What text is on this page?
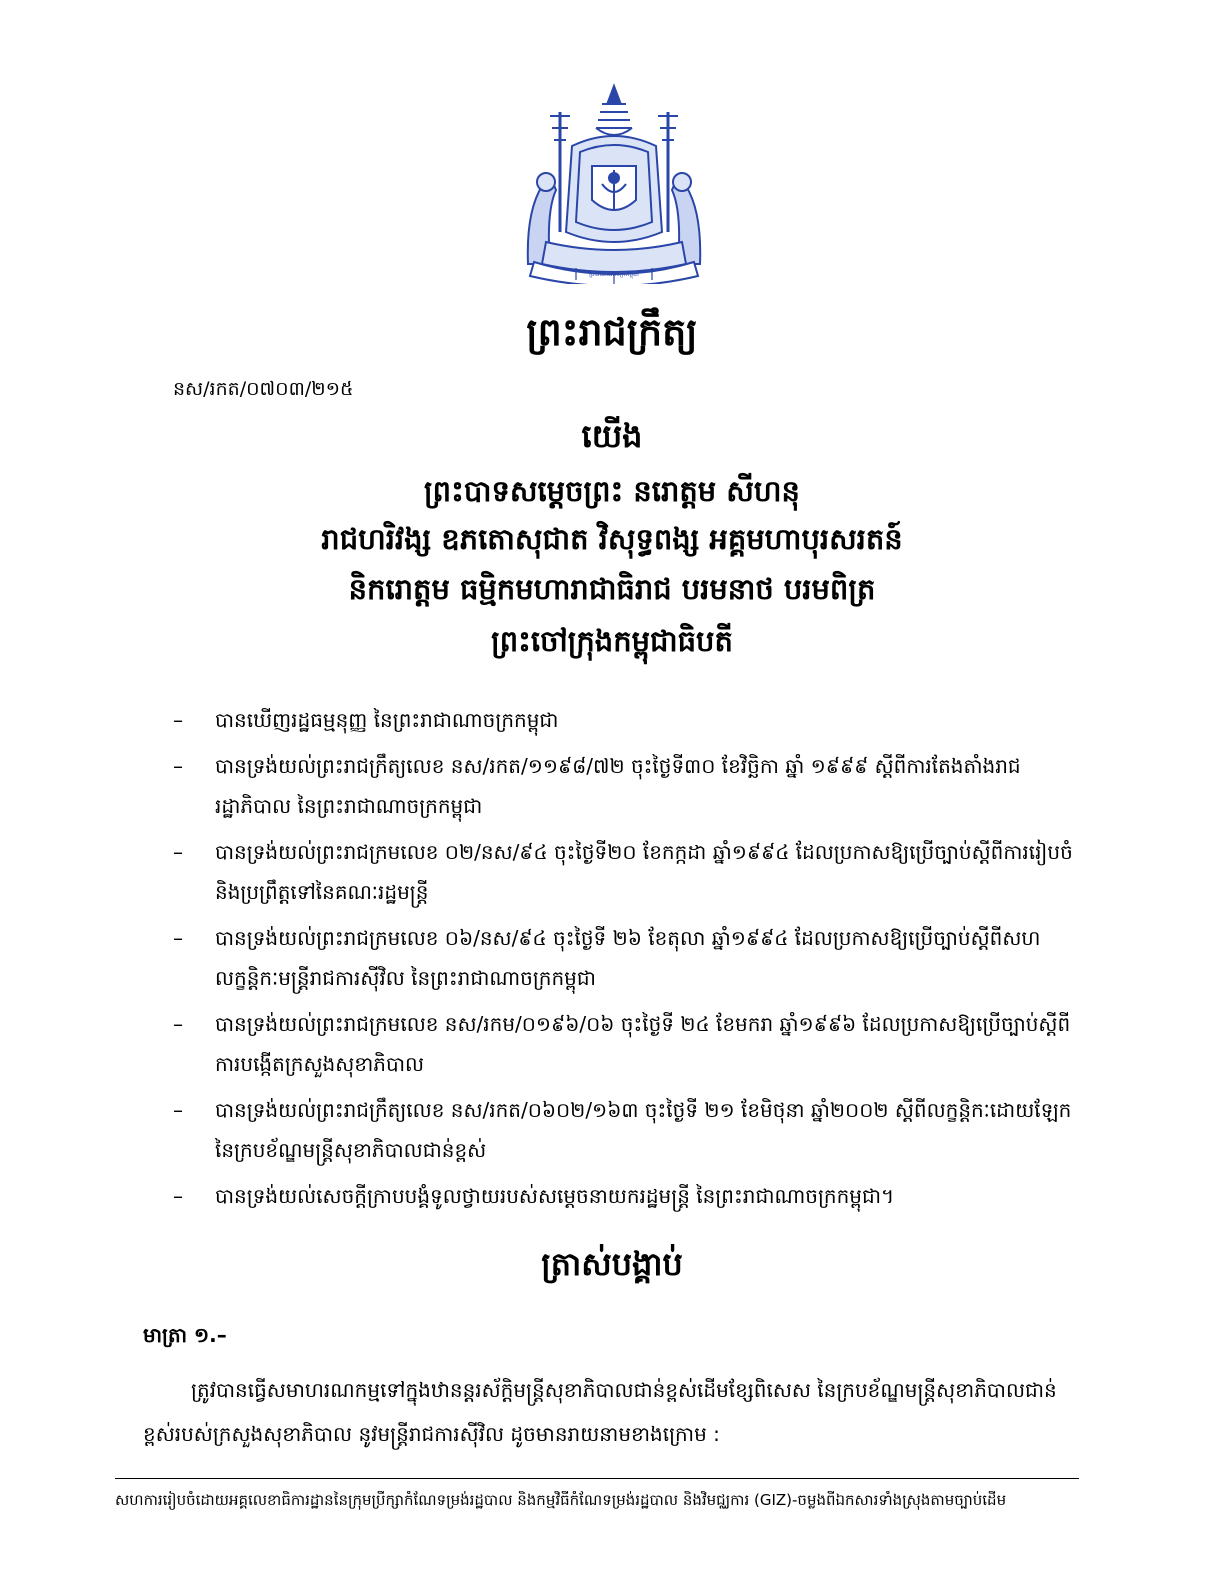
ព្រះរាជាណាចក្រកម្ពុជា
ព្រះរាជក្រឹត្យ
នស/រកត/០៧០៣/២១៥
យើង
ព្រះបាទសម្តេចព្រះ នរោត្តម សីហនុ
រាជហរិវង្ស ឧភតោសុជាត វិសុទ្ធពង្ស អគ្គមហាបុរសរតន៍
និករោត្តម ធម្មិកមហារាជាធិរាជ បរមនាថ បរមពិត្រ
ព្រះចៅក្រុងកម្ពុជាធិបតី
– បានឃើញរដ្ឋធម្មនុញ្ញ នៃព្រះរាជាណាចក្រកម្ពុជា
– បានទ្រង់យល់ព្រះរាជក្រឹត្យលេខ នស/រកត/១១៩៨/៧២ ចុះថ្ងៃទី៣០ ខែវិច្ឆិកា ឆ្នាំ ១៩៩៩ ស្តីពីការតែងតាំងរាជរដ្ឋាភិបាល នៃព្រះរាជាណាចក្រកម្ពុជា
– បានទ្រង់យល់ព្រះរាជក្រមលេខ ០២/នស/៩៤ ចុះថ្ងៃទី២០ ខែកក្កដា ឆ្នាំ១៩៩៤ ដែលប្រកាសឱ្យប្រើច្បាប់ស្តីពីការរៀបចំ និងប្រព្រឹត្តទៅនៃគណៈរដ្ឋមន្ត្រី
– បានទ្រង់យល់ព្រះរាជក្រមលេខ ០៦/នស/៩៤ ចុះថ្ងៃទី ២៦ ខែតុលា ឆ្នាំ១៩៩៤ ដែលប្រកាសឱ្យប្រើច្បាប់ស្តីពីសហលក្ខន្តិកៈមន្ត្រីរាជការស៊ីវិល នៃព្រះរាជាណាចក្រកម្ពុជា
– បានទ្រង់យល់ព្រះរាជក្រមលេខ នស/រកម/០១៩៦/០៦ ចុះថ្ងៃទី ២៤ ខែមករា ឆ្នាំ១៩៩៦ ដែលប្រកាសឱ្យប្រើច្បាប់ស្តីពីការបង្កើតក្រសួងសុខាភិបាល
– បានទ្រង់យល់ព្រះរាជក្រឹត្យលេខ នស/រកត/០៦០២/១៦៣ ចុះថ្ងៃទី ២១ ខែមិថុនា ឆ្នាំ២០០២ ស្តីពីលក្ខន្តិកៈដោយឡែកនៃក្របខ័ណ្ឌមន្ត្រីសុខាភិបាលជាន់ខ្ពស់
– បានទ្រង់យល់សេចក្តីក្រាបបង្គំទូលថ្វាយរបស់សម្តេចនាយករដ្ឋមន្ត្រី នៃព្រះរាជាណាចក្រកម្ពុជា។
ត្រាស់បង្គាប់
មាត្រា ១.–
ត្រូវបានធ្វើសមាហរណកម្មទៅក្នុងឋានន្តរស័ក្តិមន្ត្រីសុខាភិបាលជាន់ខ្ពស់ដើមខ្សែពិសេស នៃក្របខ័ណ្ឌមន្ត្រីសុខាភិបាលជាន់ខ្ពស់របស់ក្រសួងសុខាភិបាល នូវមន្ត្រីរាជការស៊ីវិល ដូចមានរាយនាមខាងក្រោម :
សហការរៀបចំដោយអគ្គលេខាធិការដ្ឋាននៃក្រុមប្រឹក្សាកំណែទម្រង់រដ្ឋបាល និងកម្មវិធីកំណែទម្រង់រដ្ឋបាល និងវិមជ្ឈការ (GIZ)-ចម្លងពីឯកសារទាំងស្រុងតាមច្បាប់ដើម
